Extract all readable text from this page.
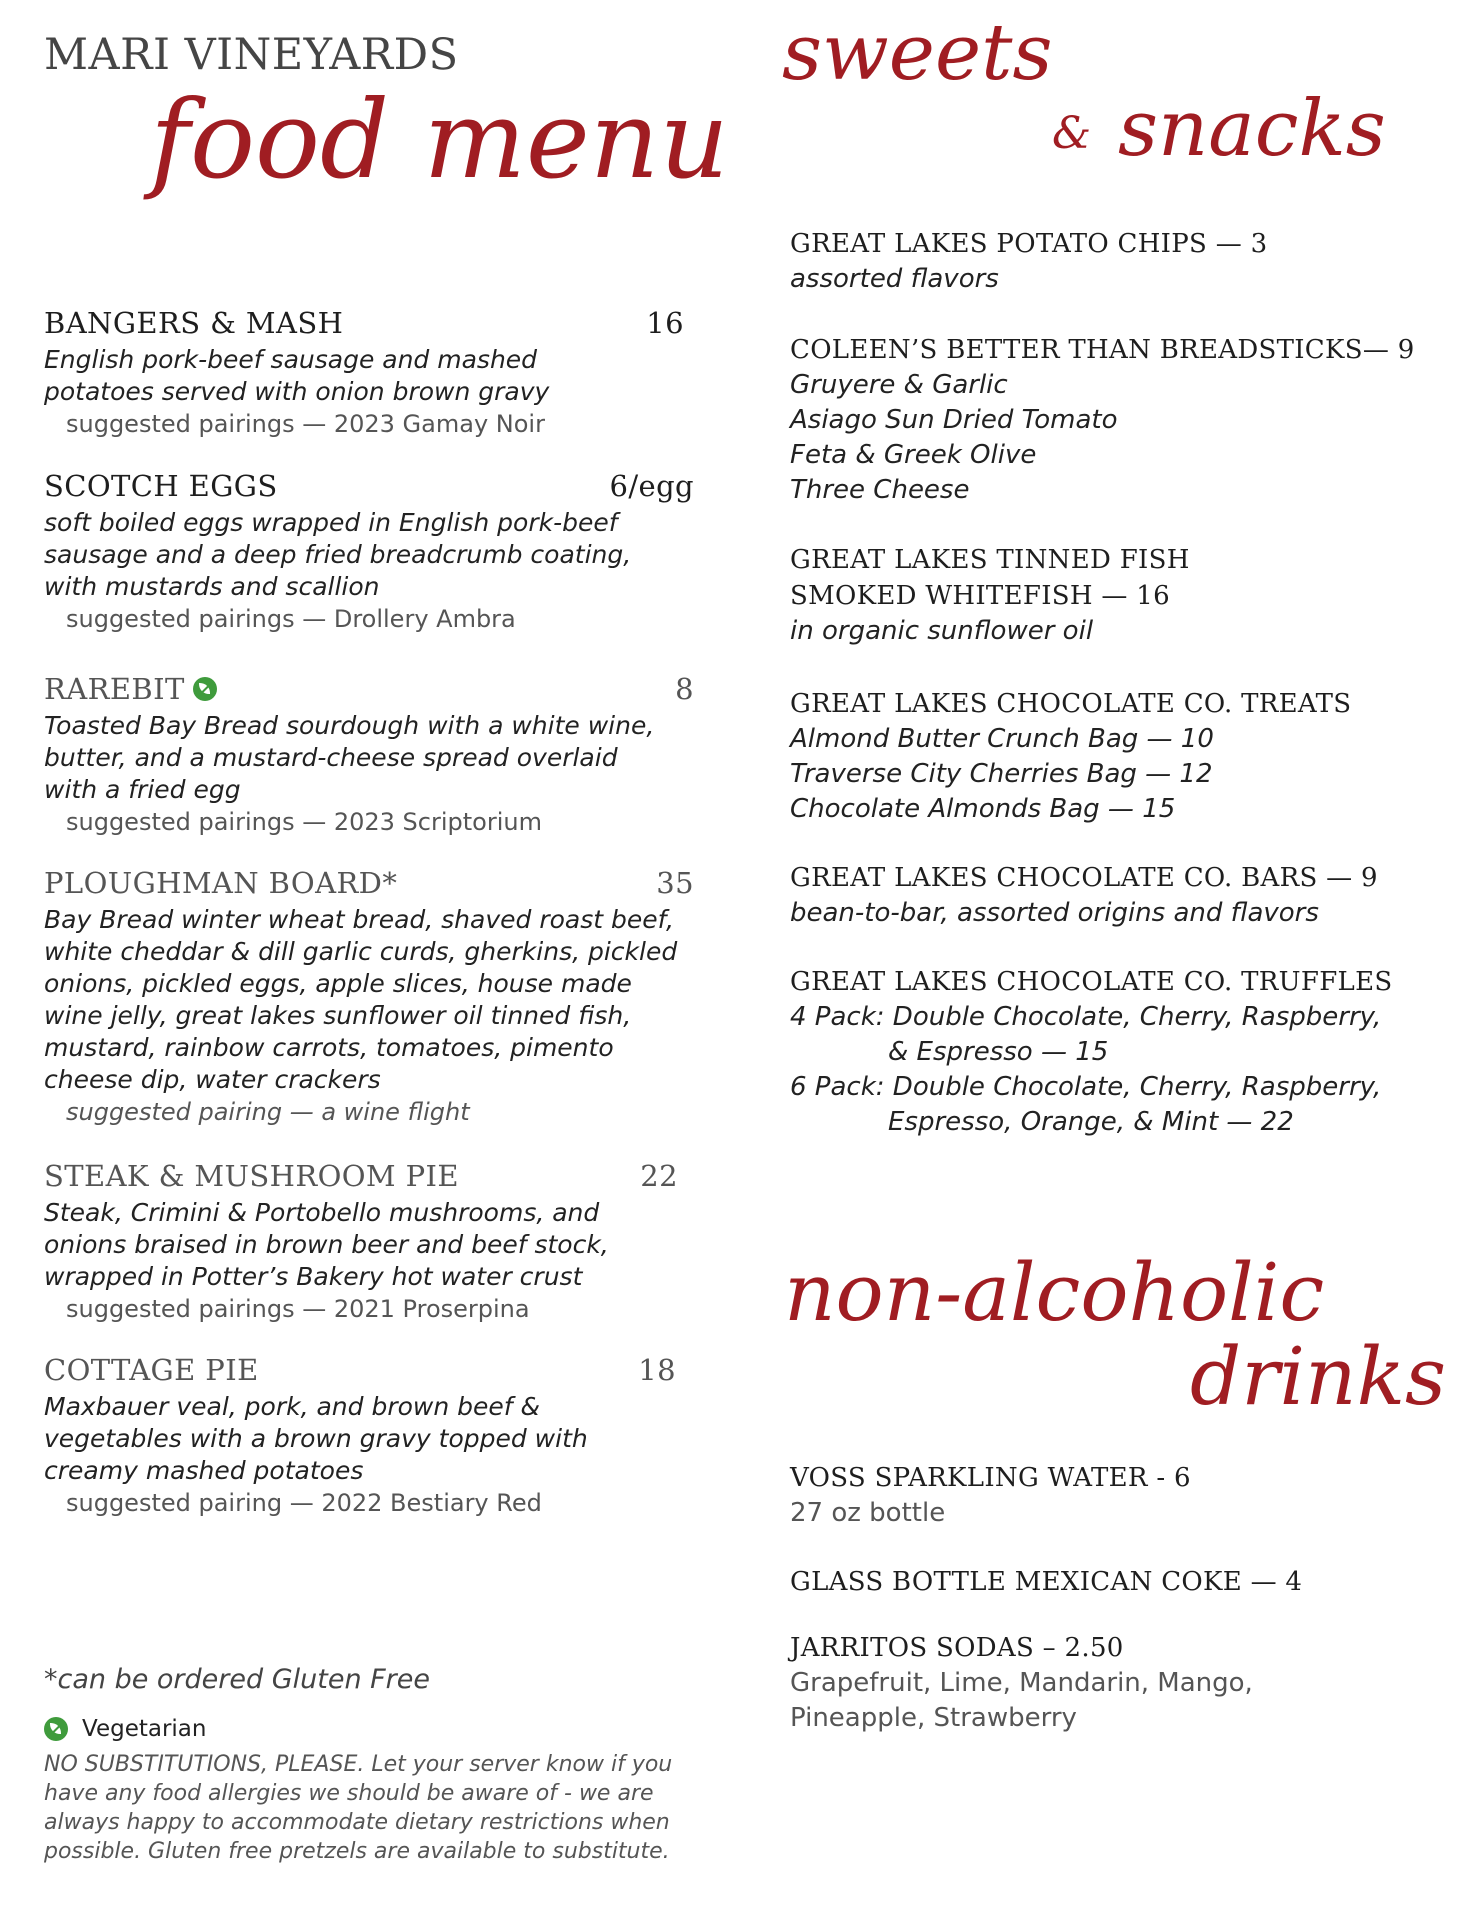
MARI VINEYARDS
food menu
sweets
& snacks
non-alcoholic
drinks
BANGERS & MASH	16

English pork-beef sausage and mashed potatoes served with onion brown gravy

suggested pairings — 2023 Gamay Noir

SCOTCH EGGS	6/egg

soft boiled eggs wrapped in English pork-beef sausage and a deep fried breadcrumb coating, with mustards and scallion

suggested pairings — Drollery Ambra

RAREBIT	8

Toasted Bay Bread sourdough with a white wine, butter, and a mustard-cheese spread overlaid with a fried egg

suggested pairings — 2023 Scriptorium

PLOUGHMAN BOARD*	35

Bay Bread winter wheat bread, shaved roast beef, white cheddar & dill garlic curds, gherkins, pickled onions, pickled eggs, apple slices, house made wine jelly, great lakes sunflower oil tinned fish, mustard, rainbow carrots, tomatoes, pimento cheese dip, water crackers

suggested pairing — a wine flight

STEAK & MUSHROOM PIE	22

Steak, Crimini & Portobello mushrooms, and onions braised in brown beer and beef stock, wrapped in Potter’s Bakery hot water crust

suggested pairings — 2021 Proserpina

COTTAGE PIE	18

Maxbauer veal, pork, and brown beef & vegetables with a brown gravy topped with creamy mashed potatoes

suggested pairing — 2022 Bestiary Red

*can be ordered Gluten Free

Vegetarian

NO SUBSTITUTIONS, PLEASE. Let your server know if you have any food allergies we should be aware of - we are always happy to accommodate dietary restrictions when possible. Gluten free pretzels are available to substitute.

GREAT LAKES POTATO CHIPS — 3

assorted flavors

COLEEN’S BETTER THAN BREADSTICKS— 9

Gruyere & Garlic

Asiago Sun Dried Tomato

Feta & Greek Olive

Three Cheese

GREAT LAKES TINNED FISH

SMOKED WHITEFISH — 16

in organic sunflower oil

GREAT LAKES CHOCOLATE CO. TREATS

Almond Butter Crunch Bag — 10

Traverse City Cherries Bag — 12

Chocolate Almonds Bag — 15

GREAT LAKES CHOCOLATE CO. BARS — 9

bean-to-bar, assorted origins and flavors

GREAT LAKES CHOCOLATE CO. TRUFFLES

4 Pack: Double Chocolate, Cherry, Raspberry,

& Espresso — 15

6 Pack: Double Chocolate, Cherry, Raspberry,

Espresso, Orange, & Mint — 22

VOSS SPARKLING WATER - 6

27 oz bottle

GLASS BOTTLE MEXICAN COKE — 4

JARRITOS SODAS – 2.50

Grapefruit, Lime, Mandarin, Mango,

Pineapple, Strawberry
